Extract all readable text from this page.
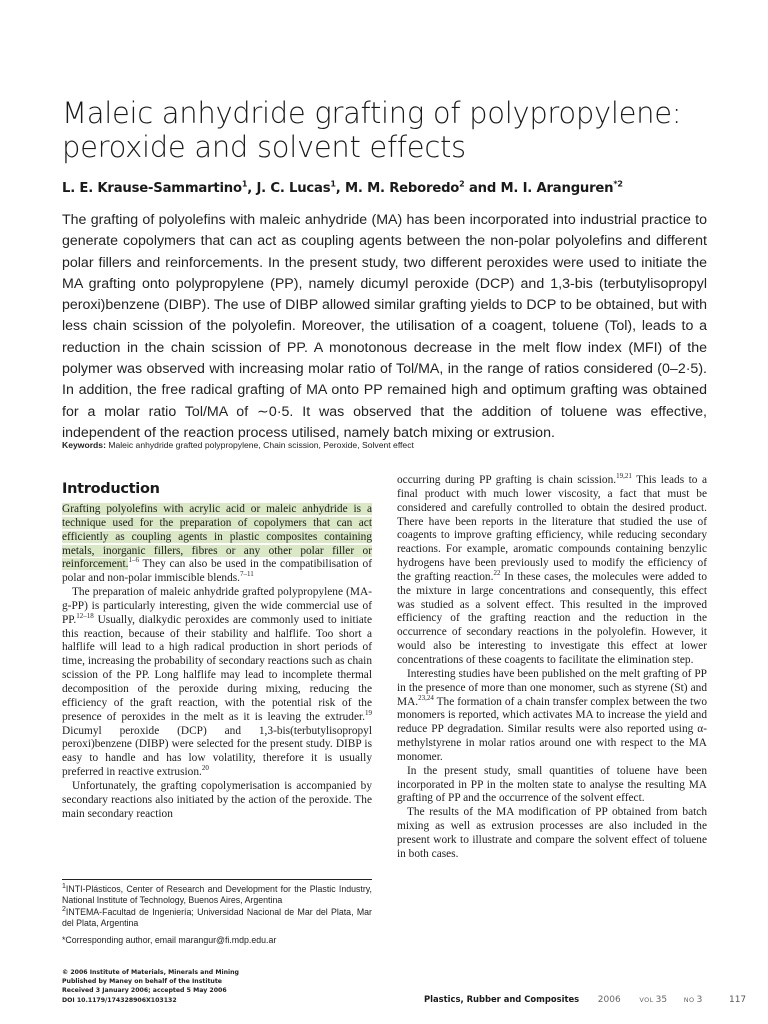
Maleic anhydride grafting of polypropylene:
peroxide and solvent effects
L. E. Krause-Sammartino$^1$, J. C. Lucas$^1$, M. M. Reboredo$^2$ and M. I. Aranguren$^{*2}$
The grafting of polyolefins with maleic anhydride (MA) has been incorporated into industrial practice to generate copolymers that can act as coupling agents between the non-polar polyolefins and different polar fillers and reinforcements. In the present study, two different peroxides were used to initiate the MA grafting onto polypropylene (PP), namely dicumyl peroxide (DCP) and 1,3-bis (terbutylisopropyl peroxi)benzene (DIBP). The use of DIBP allowed similar grafting yields to DCP to be obtained, but with less chain scission of the polyolefin. Moreover, the utilisation of a coagent, toluene (Tol), leads to a reduction in the chain scission of PP. A monotonous decrease in the melt flow index (MFI) of the polymer was observed with increasing molar ratio of Tol/MA, in the range of ratios considered (0–2·5). In addition, the free radical grafting of MA onto PP remained high and optimum grafting was obtained for a molar ratio Tol/MA of ∼0·5. It was observed that the addition of toluene was effective, independent of the reaction process utilised, namely batch mixing or extrusion.
Keywords: Maleic anhydride grafted polypropylene, Chain scission, Peroxide, Solvent effect
Introduction

Grafting polyolefins with acrylic acid or maleic anhydride is a technique used for the preparation of copolymers that can act efficiently as coupling agents in plastic composites containing metals, inorganic fillers, fibres or any other polar filler or reinforcement.$^{1-6}$ They can also be used in the compatibilisation of polar and non-polar immiscible blends.$^{7-11}$

The preparation of maleic anhydride grafted polypropylene (MA-g-PP) is particularly interesting, given the wide commercial use of PP.$^{12-18}$ Usually, dialkydic peroxides are commonly used to initiate this reaction, because of their stability and halflife. Too short a halflife will lead to a high radical production in short periods of time, increasing the probability of secondary reactions such as chain scission of the PP. Long halflife may lead to incomplete thermal decomposition of the peroxide during mixing, reducing the efficiency of the graft reaction, with the potential risk of the presence of peroxides in the melt as it is leaving the extruder.$^{19}$ Dicumyl peroxide (DCP) and 1,3-bis(terbutylisopropyl peroxi)benzene (DIBP) were selected for the present study. DIBP is easy to handle and has low volatility, therefore it is usually preferred in reactive extrusion.$^{20}$

Unfortunately, the grafting copolymerisation is accompanied by secondary reactions also initiated by the action of the peroxide. The main secondary reaction

$^1$INTI-Plásticos, Center of Research and Development for the Plastic Industry, National Institute of Technology, Buenos Aires, Argentina
$^2$INTEMA-Facultad de Ingeniería; Universidad Nacional de Mar del Plata, Mar del Plata, Argentina
*Corresponding author, email marangur@fi.mdp.edu.ar
© 2006 Institute of Materials, Minerals and Mining
Published by Maney on behalf of the Institute
Received 3 January 2006; accepted 5 May 2006
DOI 10.1179/174328906X103132

occurring during PP grafting is chain scission.$^{19,21}$ This leads to a final product with much lower viscosity, a fact that must be considered and carefully controlled to obtain the desired product. There have been reports in the literature that studied the use of coagents to improve grafting efficiency, while reducing secondary reactions. For example, aromatic compounds containing benzylic hydrogens have been previously used to modify the efficiency of the grafting reaction.$^{22}$ In these cases, the molecules were added to the mixture in large concentrations and consequently, this effect was studied as a solvent effect. This resulted in the improved efficiency of the grafting reaction and the reduction in the occurrence of secondary reactions in the polyolefin. However, it would also be interesting to investigate this effect at lower concentrations of these coagents to facilitate the elimination step.

Interesting studies have been published on the melt grafting of PP in the presence of more than one monomer, such as styrene (St) and MA.$^{23,24}$ The formation of a chain transfer complex between the two monomers is reported, which activates MA to increase the yield and reduce PP degradation. Similar results were also reported using α-methylstyrene in molar ratios around one with respect to the MA monomer.

In the present study, small quantities of toluene have been incorporated in PP in the molten state to analyse the resulting MA grafting of PP and the occurrence of the solvent effect.

The results of the MA modification of PP obtained from batch mixing as well as extrusion processes are also included in the present work to illustrate and compare the solvent effect of toluene in both cases.

Plastics, Rubber and Composites 2006	VOL 35	NO 3	117
